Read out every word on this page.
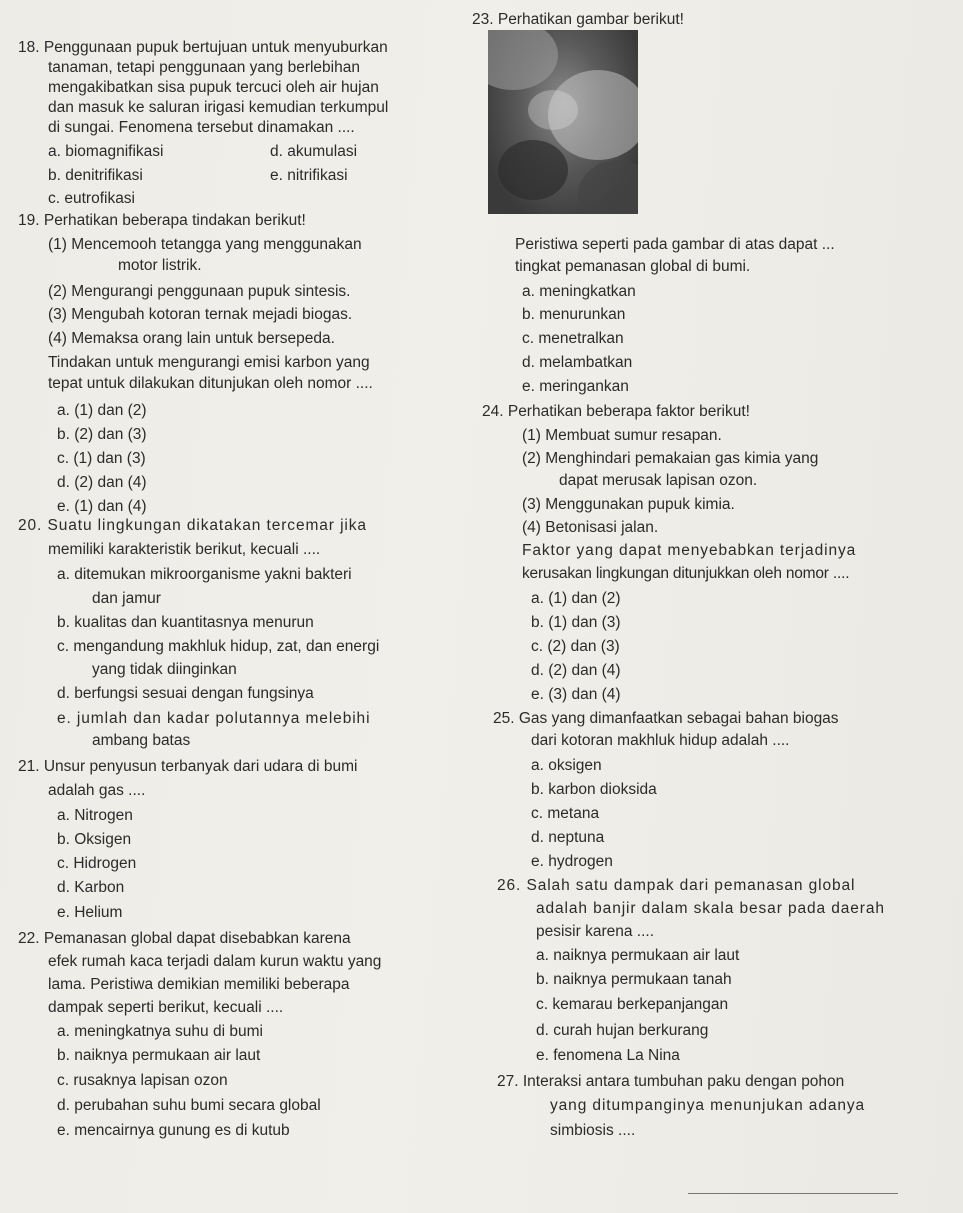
18. Penggunaan pupuk bertujuan untuk menyuburkan
tanaman, tetapi penggunaan yang berlebihan
mengakibatkan sisa pupuk tercuci oleh air hujan
dan masuk ke saluran irigasi kemudian terkumpul
di sungai. Fenomena tersebut dinamakan ....
a. biomagnifikasi	d. akumulasi
b. denitrifikasi	e. nitrifikasi
c. eutrofikasi
19. Perhatikan beberapa tindakan berikut!
(1) Mencemooh tetangga yang menggunakan
motor listrik.
(2) Mengurangi penggunaan pupuk sintesis.
(3) Mengubah kotoran ternak mejadi biogas.
(4) Memaksa orang lain untuk bersepeda.
Tindakan untuk mengurangi emisi karbon yang
tepat untuk dilakukan ditunjukan oleh nomor ....
a. (1) dan (2)
b. (2) dan (3)
c. (1) dan (3)
d. (2) dan (4)
e. (1) dan (4)
20. Suatu lingkungan dikatakan tercemar jika
memiliki karakteristik berikut, kecuali ....
a. ditemukan mikroorganisme yakni bakteri
dan jamur
b. kualitas dan kuantitasnya menurun
c. mengandung makhluk hidup, zat, dan energi
yang tidak diinginkan
d. berfungsi sesuai dengan fungsinya
e. jumlah dan kadar polutannya melebihi
ambang batas
21. Unsur penyusun terbanyak dari udara di bumi
adalah gas ....
a. Nitrogen
b. Oksigen
c. Hidrogen
d. Karbon
e. Helium
22. Pemanasan global dapat disebabkan karena
efek rumah kaca terjadi dalam kurun waktu yang
lama. Peristiwa demikian memiliki beberapa
dampak seperti berikut, kecuali ....
a. meningkatnya suhu di bumi
b. naiknya permukaan air laut
c. rusaknya lapisan ozon
d. perubahan suhu bumi secara global
e. mencairnya gunung es di kutub
23. Perhatikan gambar berikut!
Peristiwa seperti pada gambar di atas dapat ...
tingkat pemanasan global di bumi.
a. meningkatkan
b. menurunkan
c. menetralkan
d. melambatkan
e. meringankan
24. Perhatikan beberapa faktor berikut!
(1) Membuat sumur resapan.
(2) Menghindari pemakaian gas kimia yang
dapat merusak lapisan ozon.
(3) Menggunakan pupuk kimia.
(4) Betonisasi jalan.
Faktor yang dapat menyebabkan terjadinya
kerusakan lingkungan ditunjukkan oleh nomor ....
a. (1) dan (2)
b. (1) dan (3)
c. (2) dan (3)
d. (2) dan (4)
e. (3) dan (4)
25. Gas yang dimanfaatkan sebagai bahan biogas
dari kotoran makhluk hidup adalah ....
a. oksigen
b. karbon dioksida
c. metana
d. neptuna
e. hydrogen
26. Salah satu dampak dari pemanasan global
adalah banjir dalam skala besar pada daerah
pesisir karena ....
a. naiknya permukaan air laut
b. naiknya permukaan tanah
c. kemarau berkepanjangan
d. curah hujan berkurang
e. fenomena La Nina
27. Interaksi antara tumbuhan paku dengan pohon
yang ditumpanginya menunjukan adanya
simbiosis ....
